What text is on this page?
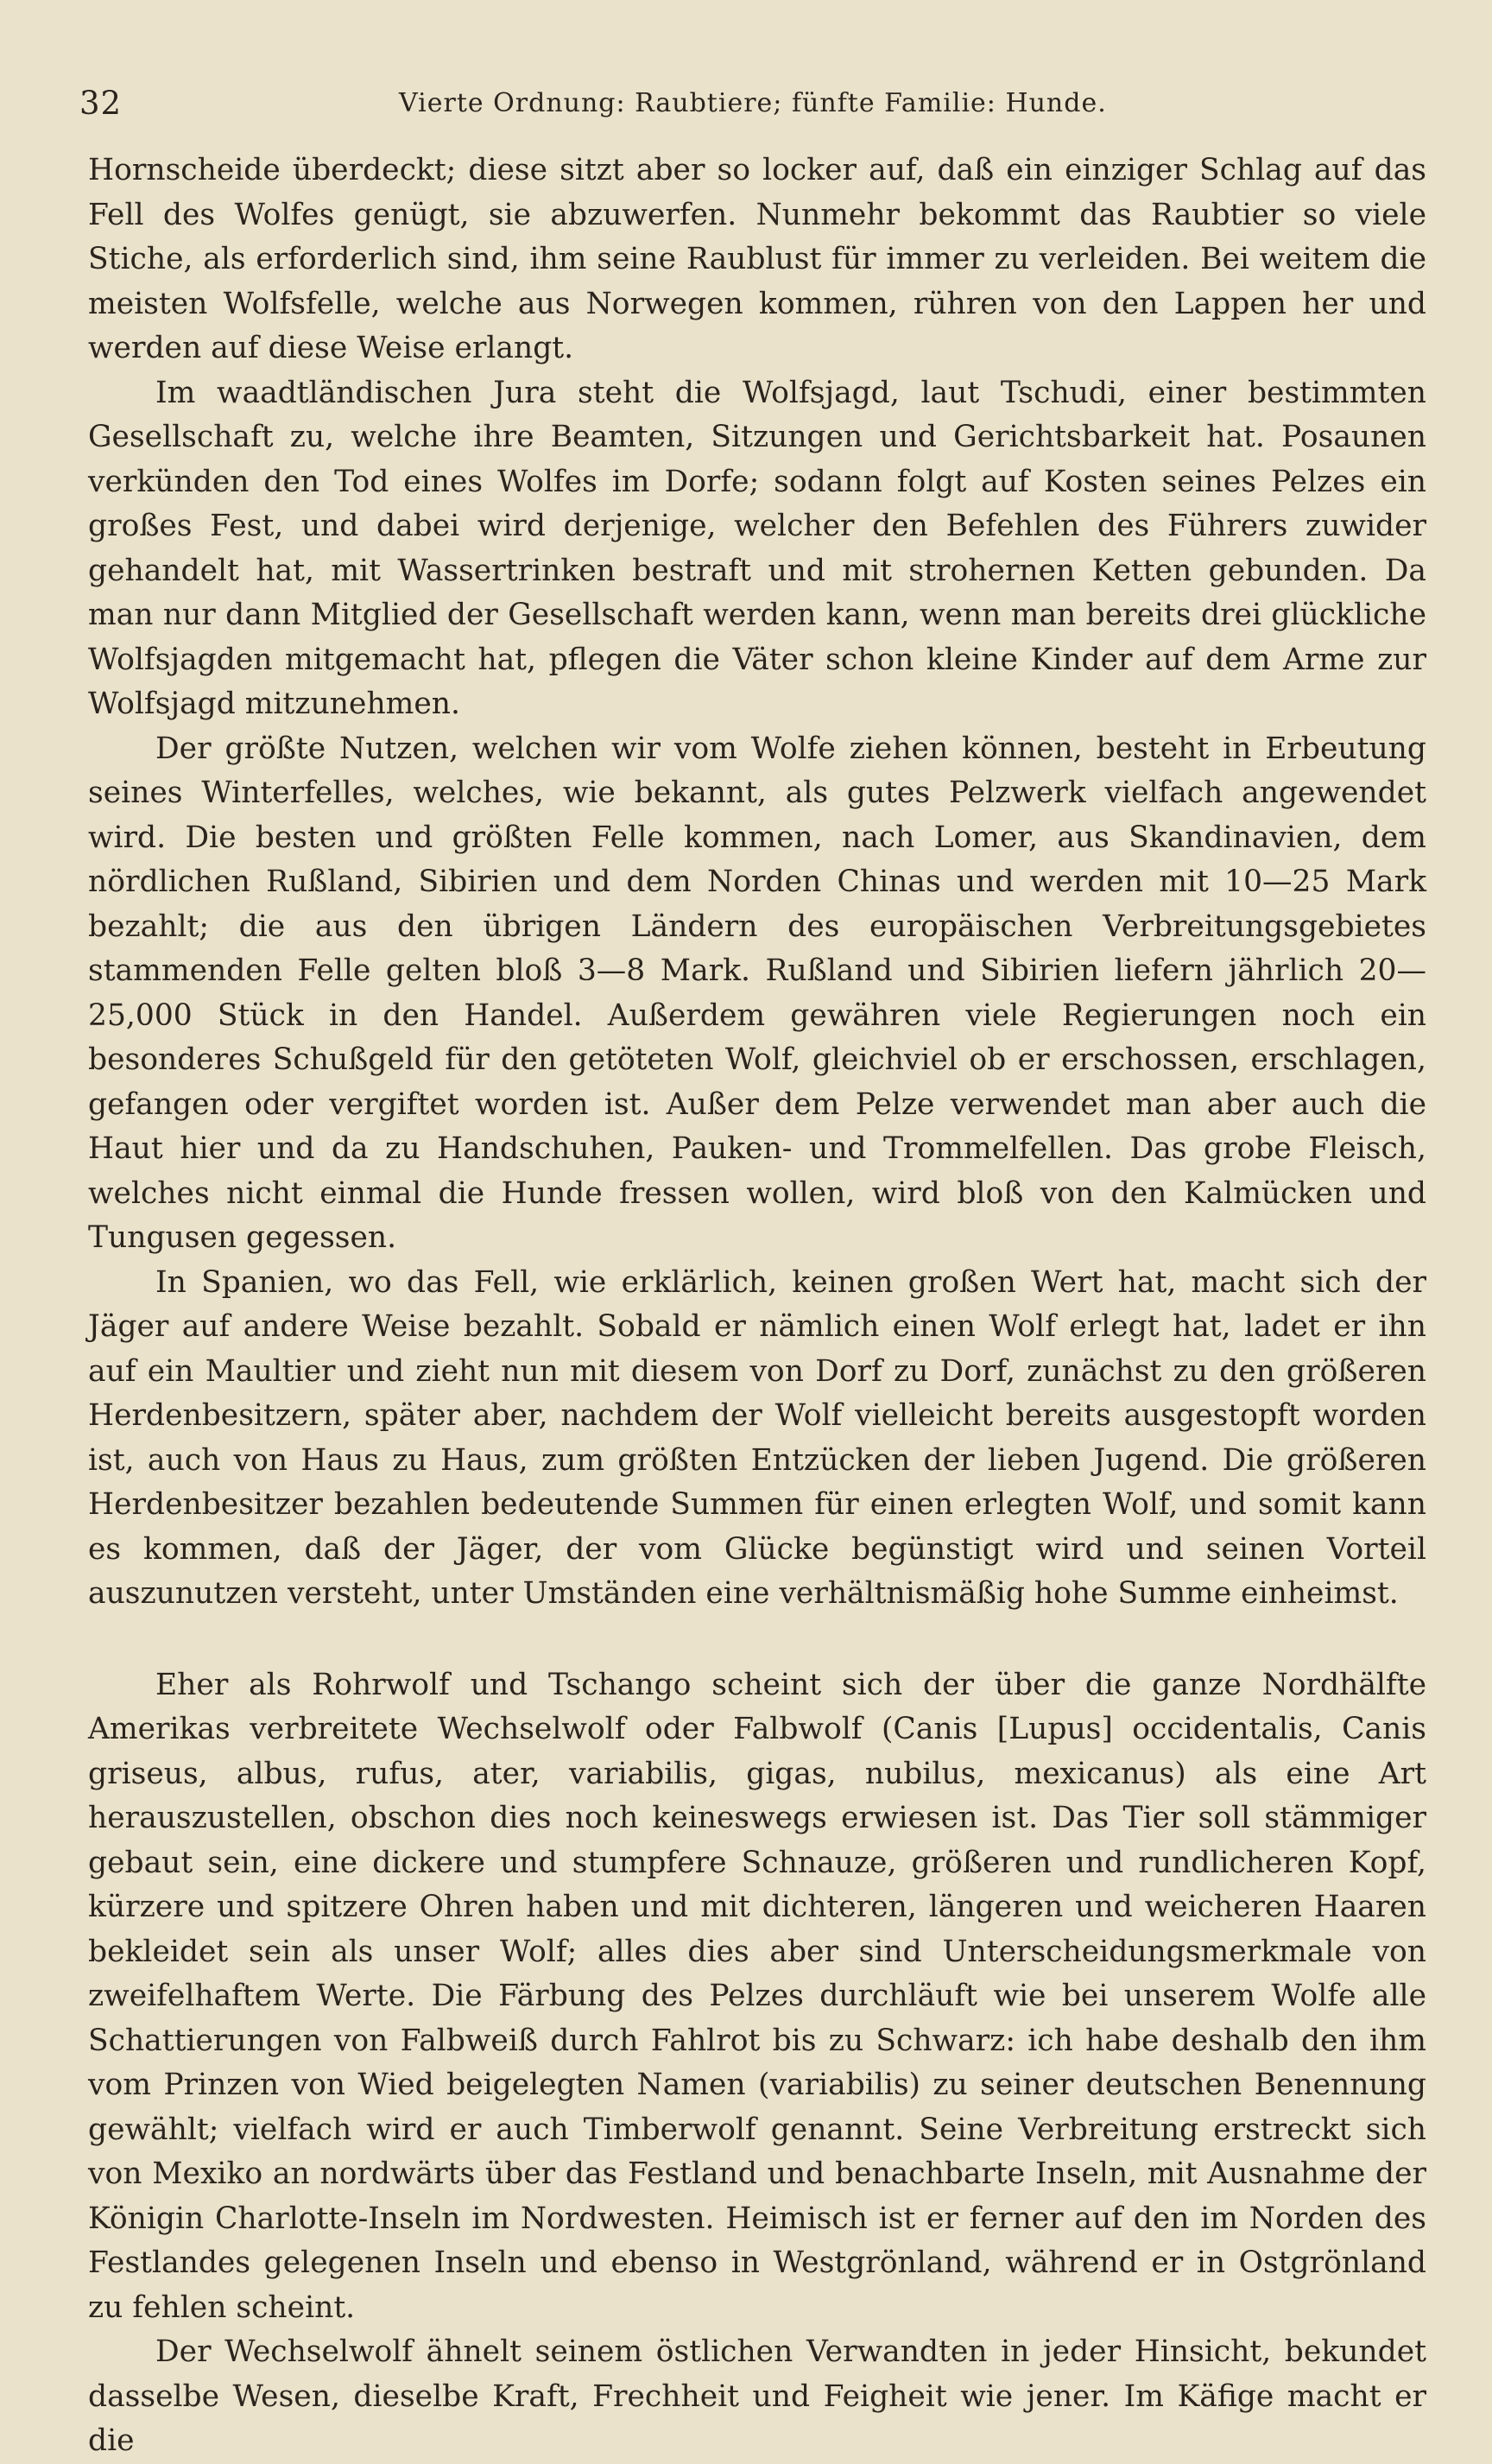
32	Vierte Ordnung: Raubtiere; fünfte Familie: Hunde.

Hornscheide überdeckt; diese sitzt aber so locker auf, daß ein einziger Schlag auf das Fell des Wolfes genügt, sie abzuwerfen. Nunmehr bekommt das Raubtier so viele Stiche, als erforderlich sind, ihm seine Raublust für immer zu verleiden. Bei weitem die meisten Wolfsfelle, welche aus Norwegen kommen, rühren von den Lappen her und werden auf diese Weise erlangt.

Im waadtländischen Jura steht die Wolfsjagd, laut Tschudi, einer bestimmten Gesellschaft zu, welche ihre Beamten, Sitzungen und Gerichtsbarkeit hat. Posaunen verkünden den Tod eines Wolfes im Dorfe; sodann folgt auf Kosten seines Pelzes ein großes Fest, und dabei wird derjenige, welcher den Befehlen des Führers zuwider gehandelt hat, mit Wassertrinken bestraft und mit strohernen Ketten gebunden. Da man nur dann Mitglied der Gesellschaft werden kann, wenn man bereits drei glückliche Wolfsjagden mitgemacht hat, pflegen die Väter schon kleine Kinder auf dem Arme zur Wolfsjagd mitzunehmen.

Der größte Nutzen, welchen wir vom Wolfe ziehen können, besteht in Erbeutung seines Winterfelles, welches, wie bekannt, als gutes Pelzwerk vielfach angewendet wird. Die besten und größten Felle kommen, nach Lomer, aus Skandinavien, dem nördlichen Rußland, Sibirien und dem Norden Chinas und werden mit 10—25 Mark bezahlt; die aus den übrigen Ländern des europäischen Verbreitungsgebietes stammenden Felle gelten bloß 3—8 Mark. Rußland und Sibirien liefern jährlich 20—25,000 Stück in den Handel. Außerdem gewähren viele Regierungen noch ein besonderes Schußgeld für den getöteten Wolf, gleichviel ob er erschossen, erschlagen, gefangen oder vergiftet worden ist. Außer dem Pelze verwendet man aber auch die Haut hier und da zu Handschuhen, Pauken- und Trommelfellen. Das grobe Fleisch, welches nicht einmal die Hunde fressen wollen, wird bloß von den Kalmücken und Tungusen gegessen.

In Spanien, wo das Fell, wie erklärlich, keinen großen Wert hat, macht sich der Jäger auf andere Weise bezahlt. Sobald er nämlich einen Wolf erlegt hat, ladet er ihn auf ein Maultier und zieht nun mit diesem von Dorf zu Dorf, zunächst zu den größeren Herdenbesitzern, später aber, nachdem der Wolf vielleicht bereits ausgestopft worden ist, auch von Haus zu Haus, zum größten Entzücken der lieben Jugend. Die größeren Herdenbesitzer bezahlen bedeutende Summen für einen erlegten Wolf, und somit kann es kommen, daß der Jäger, der vom Glücke begünstigt wird und seinen Vorteil auszunutzen versteht, unter Umständen eine verhältnismäßig hohe Summe einheimst.

Eher als Rohrwolf und Tschango scheint sich der über die ganze Nordhälfte Amerikas verbreitete Wechselwolf oder Falbwolf (Canis [Lupus] occidentalis, Canis griseus, albus, rufus, ater, variabilis, gigas, nubilus, mexicanus) als eine Art herauszustellen, obschon dies noch keineswegs erwiesen ist. Das Tier soll stämmiger gebaut sein, eine dickere und stumpfere Schnauze, größeren und rundlicheren Kopf, kürzere und spitzere Ohren haben und mit dichteren, längeren und weicheren Haaren bekleidet sein als unser Wolf; alles dies aber sind Unterscheidungsmerkmale von zweifelhaftem Werte. Die Färbung des Pelzes durchläuft wie bei unserem Wolfe alle Schattierungen von Falbweiß durch Fahlrot bis zu Schwarz: ich habe deshalb den ihm vom Prinzen von Wied beigelegten Namen (variabilis) zu seiner deutschen Benennung gewählt; vielfach wird er auch Timberwolf genannt. Seine Verbreitung erstreckt sich von Mexiko an nordwärts über das Festland und benachbarte Inseln, mit Ausnahme der Königin Charlotte-Inseln im Nordwesten. Heimisch ist er ferner auf den im Norden des Festlandes gelegenen Inseln und ebenso in Westgrönland, während er in Ostgrönland zu fehlen scheint.

Der Wechselwolf ähnelt seinem östlichen Verwandten in jeder Hinsicht, bekundet dasselbe Wesen, dieselbe Kraft, Frechheit und Feigheit wie jener. Im Käfige macht er die
